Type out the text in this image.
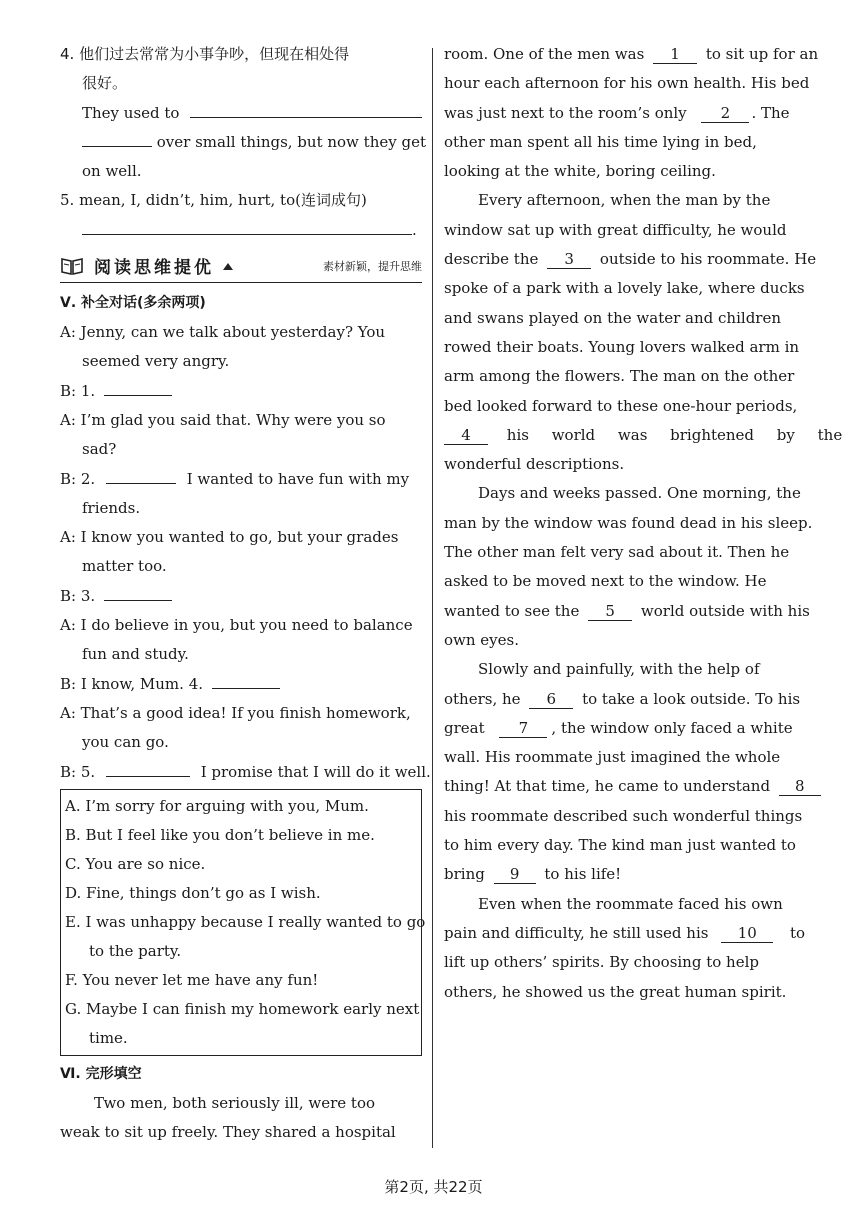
4. 他们过去常常为小事争吵，但现在相处得
很好。
They used to
over small things, but now they get
on well.
5. mean, I, didn’t, him, hurt, to(连词成句)
.
阅读思维提优	素材新颖，提升思维
Ⅴ. 补全对话(多余两项)
A: Jenny, can we talk about yesterday? You
seemed very angry.
B: 1.
A: I’m glad you said that. Why were you so
sad?
B: 2.	I wanted to have fun with my
friends.
A: I know you wanted to go, but your grades
matter too.
B: 3.
A: I do believe in you, but you need to balance
fun and study.
B: I know, Mum. 4.
A: That’s a good idea! If you finish homework,
you can go.
B: 5.	I promise that I will do it well.
A. I’m sorry for arguing with you, Mum.
B. But I feel like you don’t believe in me.
C. You are so nice.
D. Fine, things don’t go as I wish.
E. I was unhappy because I really wanted to go
to the party.
F. You never let me have any fun!
G. Maybe I can finish my homework early next
time.
Ⅵ. 完形填空
Two men, both seriously ill, were too
weak to sit up freely. They shared a hospital
room. One of the men was 1 to sit up for an
hour each afternoon for his own health. His bed
was just next to the room’s only 2 . The
other man spent all his time lying in bed,
looking at the white, boring ceiling.
Every afternoon, when the man by the
window sat up with great difficulty, he would
describe the 3 outside to his roommate. He
spoke of a park with a lovely lake, where ducks
and swans played on the water and children
rowed their boats. Young lovers walked arm in
arm among the flowers. The man on the other
bed looked forward to these one-hour periods,
4 his world was brightened by the
wonderful descriptions.
Days and weeks passed. One morning, the
man by the window was found dead in his sleep.
The other man felt very sad about it. Then he
asked to be moved next to the window. He
wanted to see the 5 world outside with his
own eyes.
Slowly and painfully, with the help of
others, he 6 to take a look outside. To his
great 7 , the window only faced a white
wall. His roommate just imagined the whole
thing! At that time, he came to understand 8
his roommate described such wonderful things
to him every day. The kind man just wanted to
bring 9 to his life!
Even when the roommate faced his own
pain and difficulty, he still used his 10 to
lift up others’ spirits. By choosing to help
others, he showed us the great human spirit.
第2页, 共22页
